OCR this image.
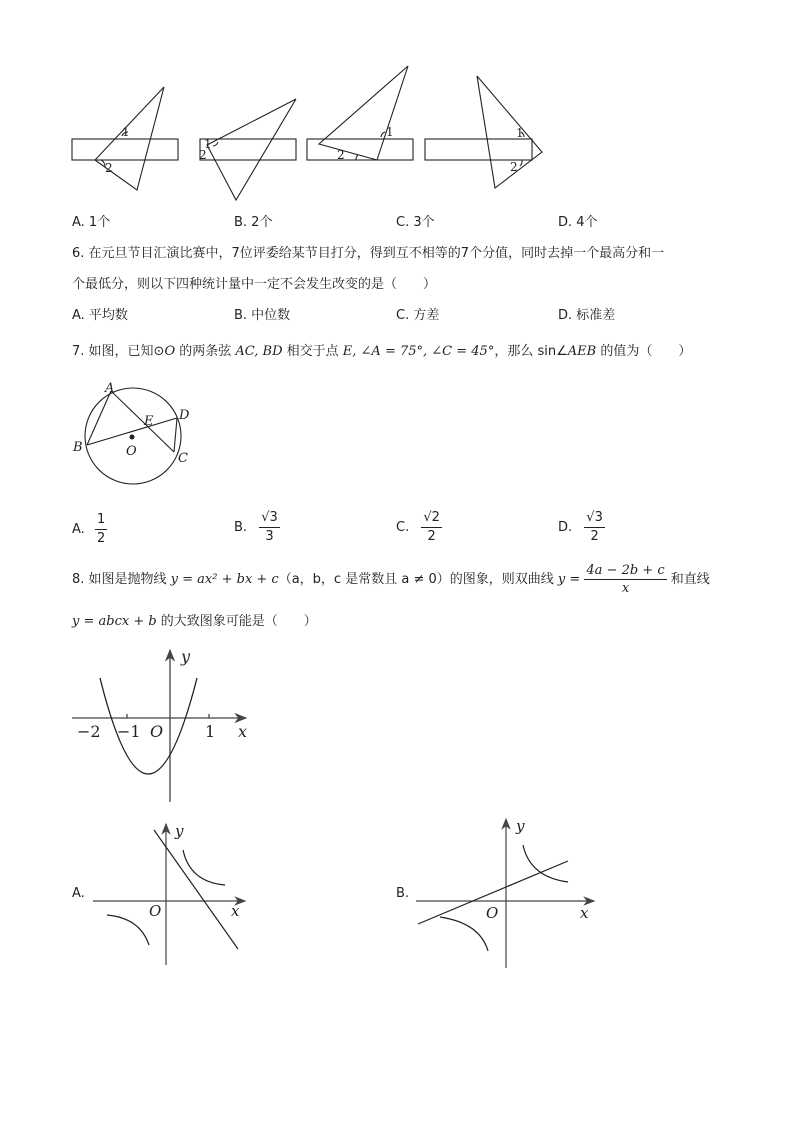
1
2
1
2
1
2
1
2
A. 1个	B. 2个	C. 3个	D. 4个
6. 在元旦节目汇演比赛中，7位评委给某节目打分，得到互不相等的7个分值，同时去掉一个最高分和一
个最低分，则以下四种统计量中一定不会发生改变的是（　　）
A. 平均数	B. 中位数	C. 方差	D. 标准差
7. 如图，已知⊙O 的两条弦 AC, BD 相交于点 E, ∠A = 75°, ∠C = 45°，那么 sin∠AEB 的值为（　　）
A
B
C
D
E
O
A. $\frac{1}{2}$	B. $\frac{√3}{3}$	C. $\frac{√2}{2}$	D. $\frac{√3}{2}$
8. 如图是抛物线 y = ax² + bx + c（a，b，c 是常数且 a ≠ 0）的图象，则双曲线 $y = \frac{4a - 2b + c}{x}$ 和直线
y = abcx + b 的大致图象可能是（　　）
−2 −1	1
O	x
y
A.
O	x
y
B.
O	x
y
